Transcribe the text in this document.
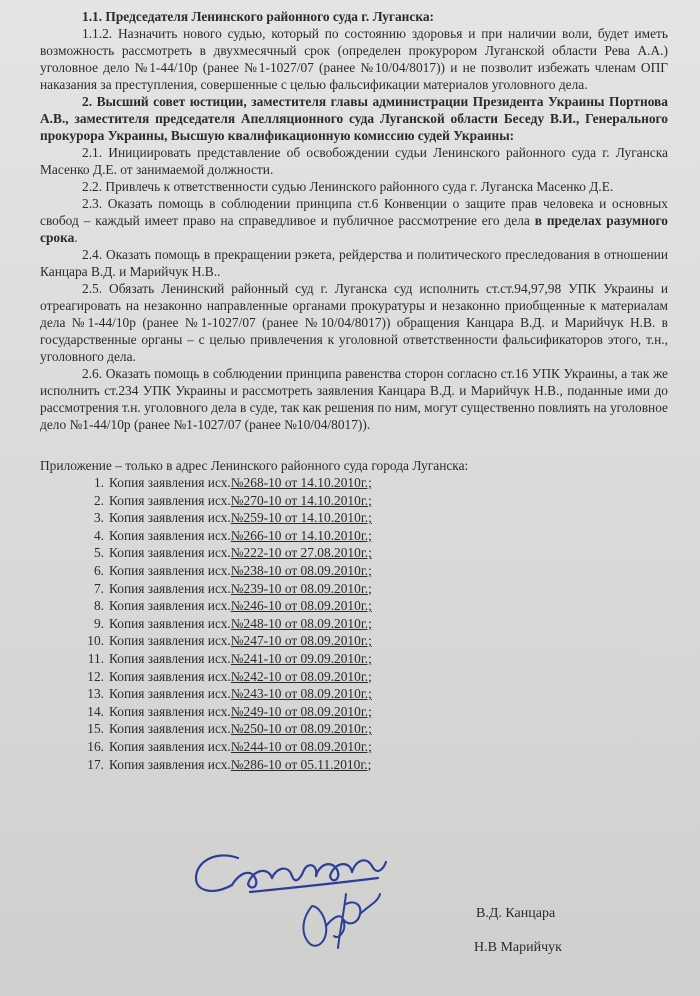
1.1. Председателя Ленинского районного суда г. Луганска:

1.1.2. Назначить нового судью, который по состоянию здоровья и при наличии воли, будет иметь возможность рассмотреть в двухмесячный срок (определен прокурором Луганской области Рева А.А.) уголовное дело №1-44/10р (ранее №1-1027/07 (ранее №10/04/8017)) и не позволит избежать членам ОПГ наказания за преступления, совершенные с целью фальсификации материалов уголовного дела.

2. Высший совет юстиции, заместителя главы администрации Президента Украины Портнова А.В., заместителя председателя Апелляционного суда Луганской области Беседу В.И., Генерального прокурора Украины, Высшую квалификационную комиссию судей Украины:

2.1. Инициировать представление об освобождении судьи Ленинского районного суда г. Луганска Масенко Д.Е. от занимаемой должности.

2.2. Привлечь к ответственности судью Ленинского районного суда г. Луганска Масенко Д.Е.

2.3. Оказать помощь в соблюдении принципа ст.6 Конвенции о защите прав человека и основных свобод – каждый имеет право на справедливое и публичное рассмотрение его дела в пределах разумного срока.

2.4. Оказать помощь в прекращении рэкета, рейдерства и политического преследования в отношении Канцара В.Д. и Марийчук Н.В..

2.5. Обязать Ленинский районный суд г. Луганска суд исполнить ст.ст.94,97,98 УПК Украины и отреагировать на незаконно направленные органами прокуратуры и незаконно приобщенные к материалам дела №1-44/10р (ранее №1-1027/07 (ранее №10/04/8017)) обращения Канцара В.Д. и Марийчук Н.В. в государственные органы – с целью привлечения к уголовной ответственности фальсификаторов этого, т.н., уголовного дела.

2.6. Оказать помощь в соблюдении принципа равенства сторон согласно ст.16 УПК Украины, а так же исполнить ст.234 УПК Украины и рассмотреть заявления Канцара В.Д. и Марийчук Н.В., поданные ими до рассмотрения т.н. уголовного дела в суде, так как решения по ним, могут существенно повлиять на уголовное дело №1-44/10р (ранее №1-1027/07 (ранее №10/04/8017)).

Приложение – только в адрес Ленинского районного суда города Луганска:

1. Копия заявления исх.№268-10 от 14.10.2010г.;
2. Копия заявления исх.№270-10 от 14.10.2010г.;
3. Копия заявления исх.№259-10 от 14.10.2010г.;
4. Копия заявления исх.№266-10 от 14.10.2010г.;
5. Копия заявления исх.№222-10 от 27.08.2010г.;
6. Копия заявления исх.№238-10 от 08.09.2010г.;
7. Копия заявления исх.№239-10 от 08.09.2010г.;
8. Копия заявления исх.№246-10 от 08.09.2010г.;
9. Копия заявления исх.№248-10 от 08.09.2010г.;
10. Копия заявления исх.№247-10 от 08.09.2010г.;
11. Копия заявления исх.№241-10 от 09.09.2010г.;
12. Копия заявления исх.№242-10 от 08.09.2010г.;
13. Копия заявления исх.№243-10 от 08.09.2010г.;
14. Копия заявления исх.№249-10 от 08.09.2010г.;
15. Копия заявления исх.№250-10 от 08.09.2010г.;
16. Копия заявления исх.№244-10 от 08.09.2010г.;
17. Копия заявления исх.№286-10 от 05.11.2010г.;
В.Д. Канцара
Н.В Марийчук
